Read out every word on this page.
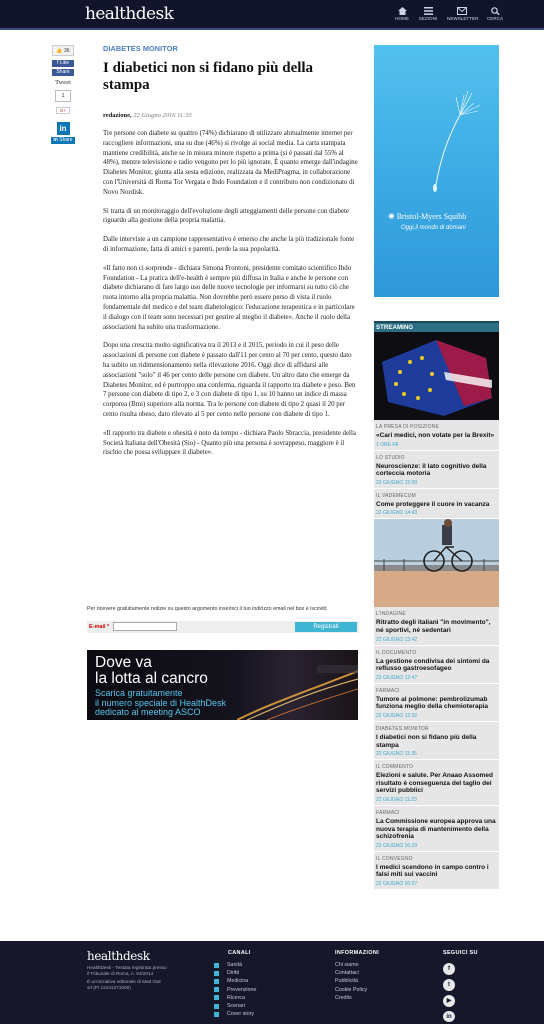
healthdesk	HOME	SEZIONI	NEWSLETTER	CERCA
👍 36
f Like
Share
Tweet
1
G+
in
in Share
DIABETES MONITOR
I diabetici non si fidano più della stampa
redazione, 22 Giugno 2016 11:35

Tre persone con diabete su quattro (74%) dichiarano di utilizzare abitualmente internet per raccogliere informazioni, una su due (46%) si rivolge ai social media. La carta stampata mantiene credibilità, anche se in misura minore rispetto a prima (si è passati dal 55% al 48%), mentre televisione e radio vengono per lo più ignorate. È quanto emerge dall'indagine Diabetes Monitor, giunta alla sesta edizione, realizzata da MediPragma, in collaborazione con l'Università di Roma Tor Vergata e Ibdo Foundation e il contributo non condizionato di Novo Nordisk.

Si tratta di un monitoraggio dell'evoluzione degli atteggiamenti delle persone con diabete riguardo alla gestione della propria malattia.

Dalle interviste a un campione rappresentativo è emerso che anche la più tradizionale fonte di informazione, fatta di amici e parenti, perde la sua popolarità.

«Il fatto non ci sorprende - dichiara Simona Frontoni, presidente comitato scientifico Ibdo Foundation - La pratica dell'e-health è sempre più diffusa in Italia e anche le persone con diabete dichiarano di fare largo uso delle nuove tecnologie per informarsi su tutto ciò che ruota intorno alla propria malattia. Non dovrebbe però essere perso di vista il ruolo fondamentale del medico e del team diabetologico: l'educazione terapeutica e in particolare il dialogo con il team sono necessari per gestire al meglio il diabete». Anche il ruolo della associazioni ha subito una trasformazione.

Dopo una crescita molto significativa tra il 2013 e il 2015, periodo in cui il peso delle associazioni di persone con diabete è passato dall'11 per cento al 70 per cento, questo dato ha subito un ridimensionamento nella rilevazione 2016. Oggi dice di affidarsi alle associazioni "solo" il 46 per cento delle persone con diabete. Un altro dato che emerge da Diabetes Monitor, ed è purtroppo una conferma, riguarda il rapporto tra diabete e peso. Ben 7 persone con diabete di tipo 2, e 3 con diabete di tipo 1, su 10 hanno un indice di massa corporea (Bmi) superiore alla norma. Tra le persone con diabete di tipo 2 quasi il 20 per cento risulta obeso, dato rilevato al 5 per cento nelle persone con diabete di tipo 1.

«Il rapporto tra diabete e obesità è noto da tempo - dichiara Paolo Sbraccia, presidente della Società Italiana dell'Obesità (Sio) - Quanto più una persona è sovrappeso, maggiore è il rischio che possa sviluppare il diabete».

Per ricevere gratuitamente notizie su questo argomento inserisci il tuo indirizzo email nel box e iscriviti:
E-mail *	Registrati
Dove va
la lotta al cancro
Scarica gratuitamente
il numero speciale di HealthDesk
dedicato al meeting ASCO
✺ Bristol-Myers Squibb
Oggi,il mondo di domani
STREAMING
LA PRESA DI POSIZIONE
«Cari medici, non votate per la Brexit»
1 ORE FA
LO STUDIO
Neuroscienze: il lato cognitivo della corteccia motoria
22 GIUGNO 15:00
IL VADEMECUM
Come proteggere il cuore in vacanza
22 GIUGNO 14:43
L'INDAGINE
Ritratto degli italiani "in movimento", né sportivi, né sedentari
22 GIUGNO 13:42
IL DOCUMENTO
La gestione condivisa dei sintomi da reflusso gastroesofageo
22 GIUGNO 12:47
FARMACI
Tumore al polmone: pembrolizumab funziona meglio della chemioterapia
22 GIUGNO 12:32
DIABETES MONITOR
I diabetici non si fidano più della stampa
22 GIUGNO 11:35
IL COMMENTO
Elezioni e salute. Per Anaao Assomed risultato è conseguenza del taglio dei servizi pubblici
22 GIUGNO 11:23
FARMACI
La Commissione europea approva una nuova terapia di mantenimento della schizofrenia
22 GIUGNO 10:29
IL CONVEGNO
I medici scendono in campo contro i falsi miti sui vaccini
22 GIUGNO 10:27
healthdesk
HealthDesk - Testata registrata presso
il Tribunale di Roma, n. 53/2014
È un'iniziativa editoriale di Mad Owl
srl (PI 12241271000)
CANALI
Sanità
Diritti
Medicina
Prevenzione
Ricerca
Scenari
Cover story
INFORMAZIONI
Chi siamo
Contattaci
Pubblicità
Cookie Policy
Credits
SEGUICI SU
f
t
▶
in
